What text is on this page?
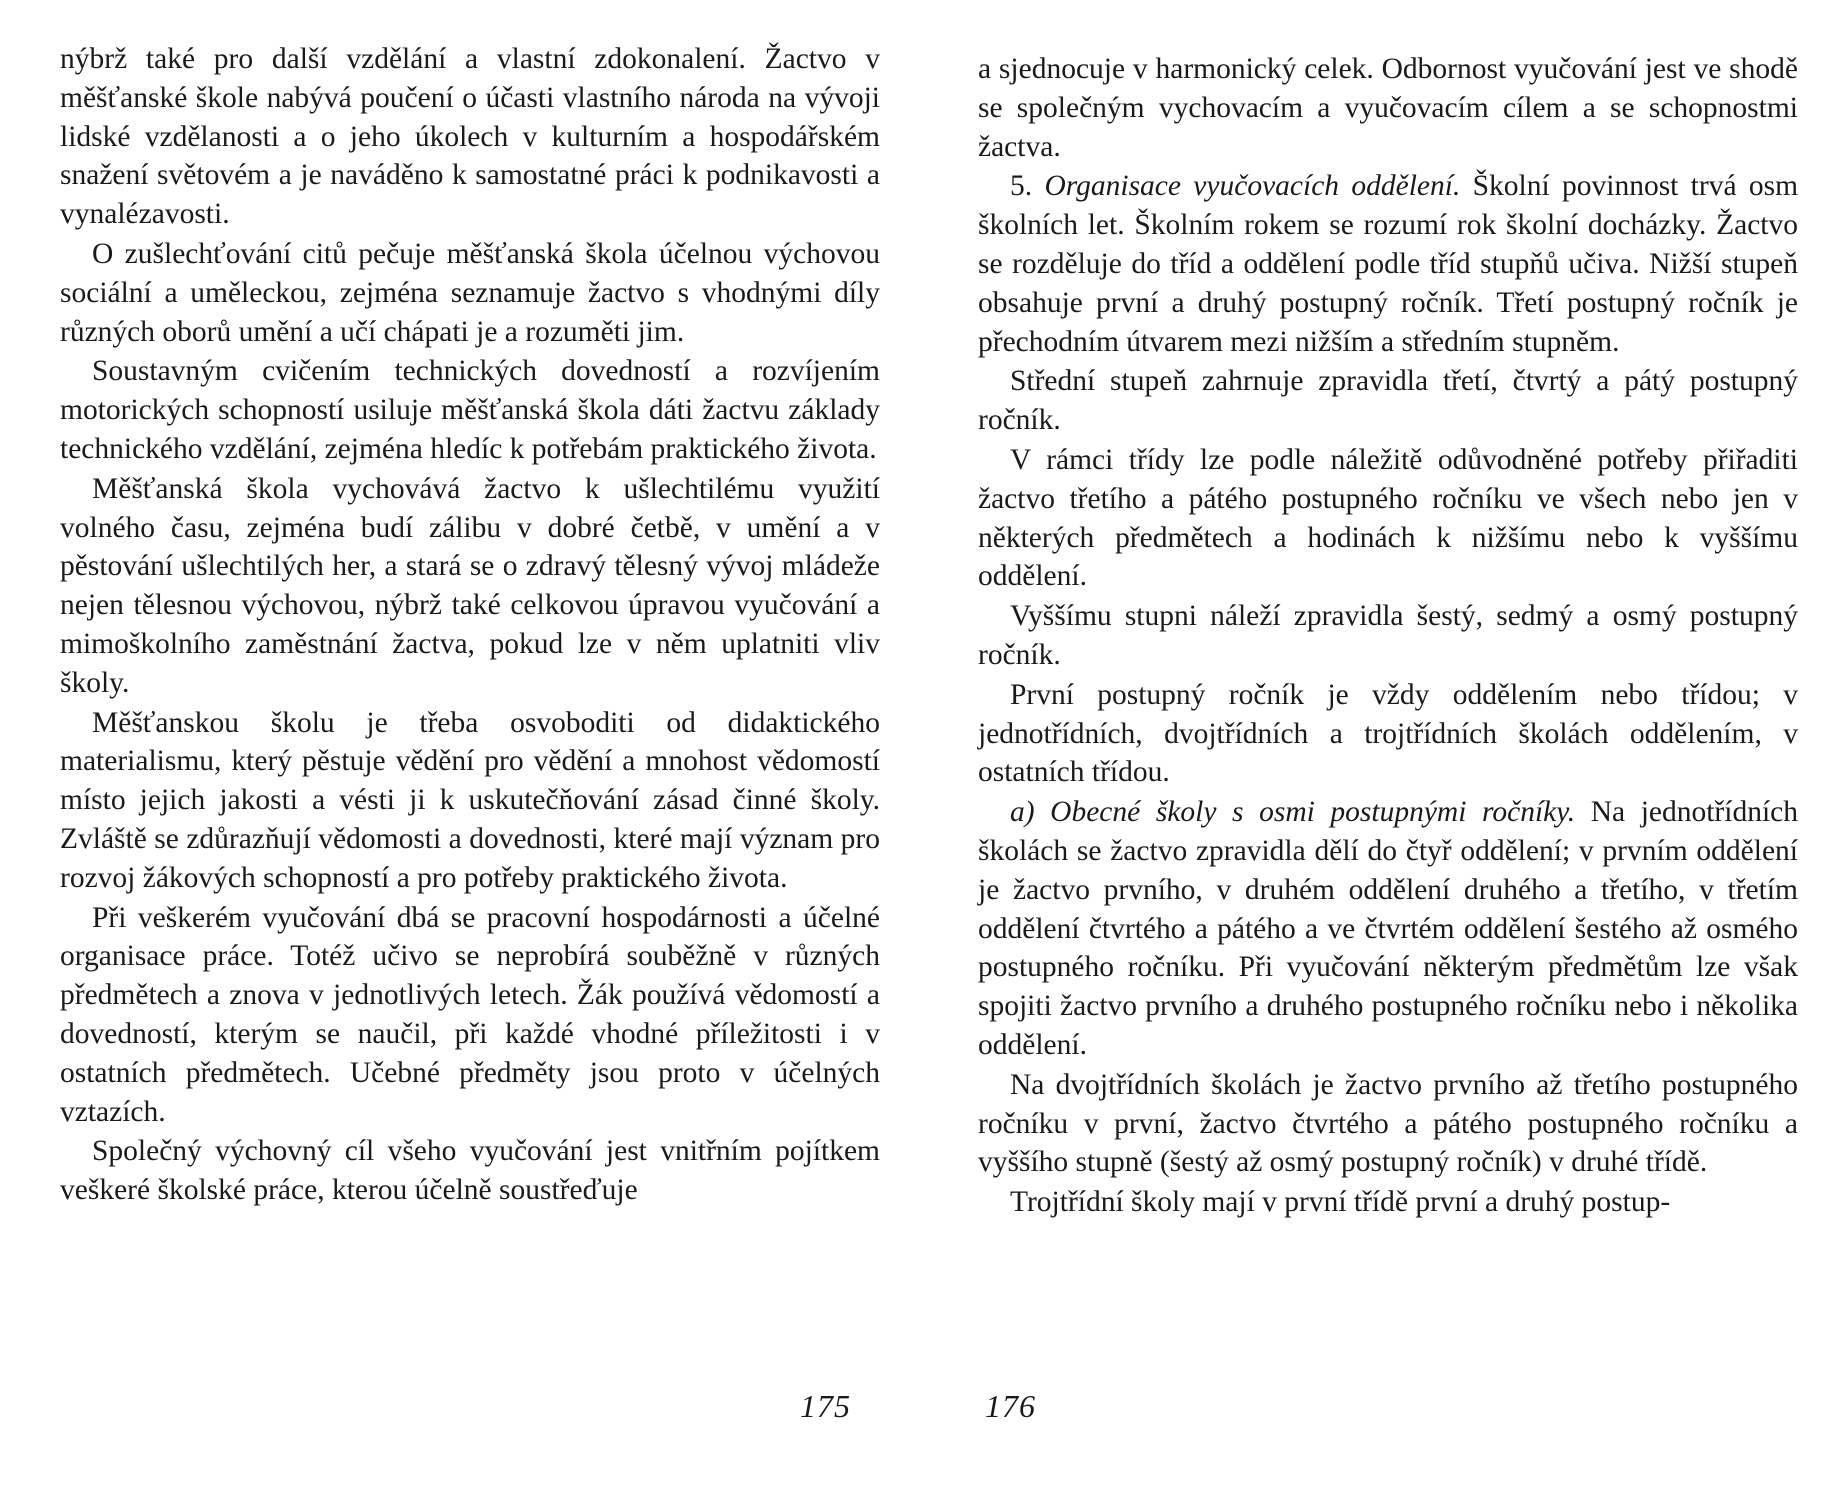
nýbrž také pro další vzdělání a vlastní zdokonalení. Žactvo v měšťanské škole nabývá poučení o účasti vlastního národa na vývoji lidské vzdělanosti a o jeho úkolech v kulturním a hospodářském snažení světovém a je naváděno k samostatné práci k podnikavosti a vynalézavosti.

O zušlechťování citů pečuje měšťanská škola účelnou výchovou sociální a uměleckou, zejména seznamuje žactvo s vhodnými díly různých oborů umění a učí chápati je a rozuměti jim.

Soustavným cvičením technických dovedností a rozvíjením motorických schopností usiluje měšťanská škola dáti žactvu základy technického vzdělání, zejména hledíc k potřebám praktického života.

Měšťanská škola vychovává žactvo k ušlechtilému využití volného času, zejména budí zálibu v dobré četbě, v umění a v pěstování ušlechtilých her, a stará se o zdravý tělesný vývoj mládeže nejen tělesnou výchovou, nýbrž také celkovou úpravou vyučování a mimoškolního zaměstnání žactva, pokud lze v něm uplatniti vliv školy.

Měšťanskou školu je třeba osvoboditi od didaktického materialismu, který pěstuje vědění pro vědění a mnohost vědomostí místo jejich jakosti a vésti ji k uskutečňování zásad činné školy. Zvláště se zdůrazňují vědomosti a dovednosti, které mají význam pro rozvoj žákových schopností a pro potřeby praktického života.

Při veškerém vyučování dbá se pracovní hospodárnosti a účelné organisace práce. Totéž učivo se neprobírá souběžně v různých předmětech a znova v jednotlivých letech. Žák používá vědomostí a dovedností, kterým se naučil, při každé vhodné příležitosti i v ostatních předmětech. Učebné předměty jsou proto v účelných vztazích.

Společný výchovný cíl všeho vyučování jest vnitřním pojítkem veškeré školské práce, kterou účelně soustřeďuje

a sjednocuje v harmonický celek. Odbornost vyučování jest ve shodě se společným vychovacím a vyučovacím cílem a se schopnostmi žactva.

5. Organisace vyučovacích oddělení. Školní povinnost trvá osm školních let. Školním rokem se rozumí rok školní docházky. Žactvo se rozděluje do tříd a oddělení podle tříd stupňů učiva. Nižší stupeň obsahuje první a druhý postupný ročník. Třetí postupný ročník je přechodním útvarem mezi nižším a středním stupněm.

Střední stupeň zahrnuje zpravidla třetí, čtvrtý a pátý postupný ročník.

V rámci třídy lze podle náležitě odůvodněné potřeby přiřaditi žactvo třetího a pátého postupného ročníku ve všech nebo jen v některých předmětech a hodinách k nižšímu nebo k vyššímu oddělení.

Vyššímu stupni náleží zpravidla šestý, sedmý a osmý postupný ročník.

První postupný ročník je vždy oddělením nebo třídou; v jednotřídních, dvojtřídních a trojtřídních školách oddělením, v ostatních třídou.

a) Obecné školy s osmi postupnými ročníky. Na jednotřídních školách se žactvo zpravidla dělí do čtyř oddělení; v prvním oddělení je žactvo prvního, v druhém oddělení druhého a třetího, v třetím oddělení čtvrtého a pátého a ve čtvrtém oddělení šestého až osmého postupného ročníku. Při vyučování některým předmětům lze však spojiti žactvo prvního a druhého postupného ročníku nebo i několika oddělení.

Na dvojtřídních školách je žactvo prvního až třetího postupného ročníku v první, žactvo čtvrtého a pátého postupného ročníku a vyššího stupně (šestý až osmý postupný ročník) v druhé třídě.

Trojtřídní školy mají v první třídě první a druhý postup-

175	176
